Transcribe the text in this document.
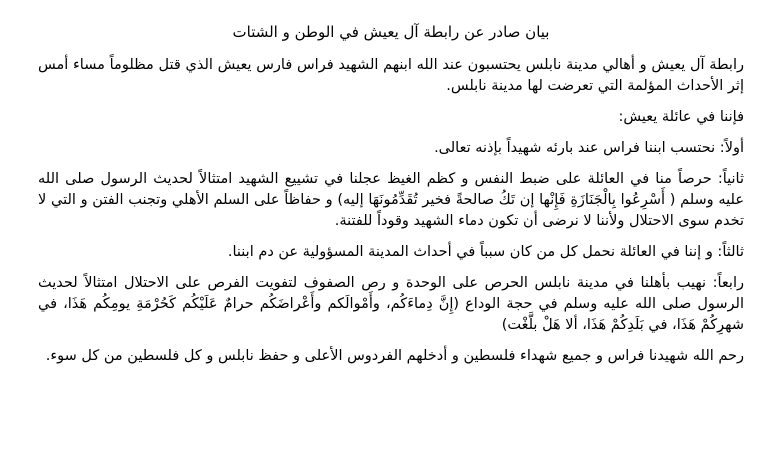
بيان صادر عن رابطة آل يعيش في الوطن و الشتات

رابطة آل يعيش و أهالي مدينة نابلس يحتسبون عند الله ابنهم الشهيد فراس فارس يعيش الذي قتل مظلوماً مساء أمس إثر الأحداث المؤلمة التي تعرضت لها مدينة نابلس.

فإننا في عائلة يعيش:

أولاً: نحتسب ابننا فراس عند بارئه شهيداً بإذنه تعالى.

ثانياً: حرصاً منا في العائلة على ضبط النفس و كظم الغيظ عجلنا في تشييع الشهيد امتثالاً لحديث الرسول صلى الله عليه وسلم ( أَسْرِعُوا بِالْجَنَازَةِ فَإِنْها إن تَكُ صالحةً فخير تُقَدِّمُونَهَا إليه) و حفاظاً على السلم الأهلي وتجنب الفتن و التي لا تخدم سوى الاحتلال ولأننا لا نرضى أن تكون دماء الشهيد وقوداً للفتنة.

ثالثاً: و إننا في العائلة نحمل كل من كان سبباً في أحداث المدينة المسؤولية عن دم ابننا.

رابعاً: نهيب بأهلنا في مدينة نابلس الحرص على الوحدة و رص الصفوف لتفويت الفرص على الاحتلال امتثالاً لحديث الرسول صلى الله عليه وسلم في حجة الوداع (إِنَّ دِماءَكُم، وأَمْوالَكم وأَعْراضَكُم حرامٌ عَلَيْكُم كَحُرْمَةِ يومِكُم هَذَا، في شهرِكُمْ هَذَا، في بَلَدِكُمْ هَذَا، ألا هَلْ بلَّغْت)

رحم الله شهيدنا فراس و جميع شهداء فلسطين و أدخلهم الفردوس الأعلى و حفظ نابلس و كل فلسطين من كل سوء.
